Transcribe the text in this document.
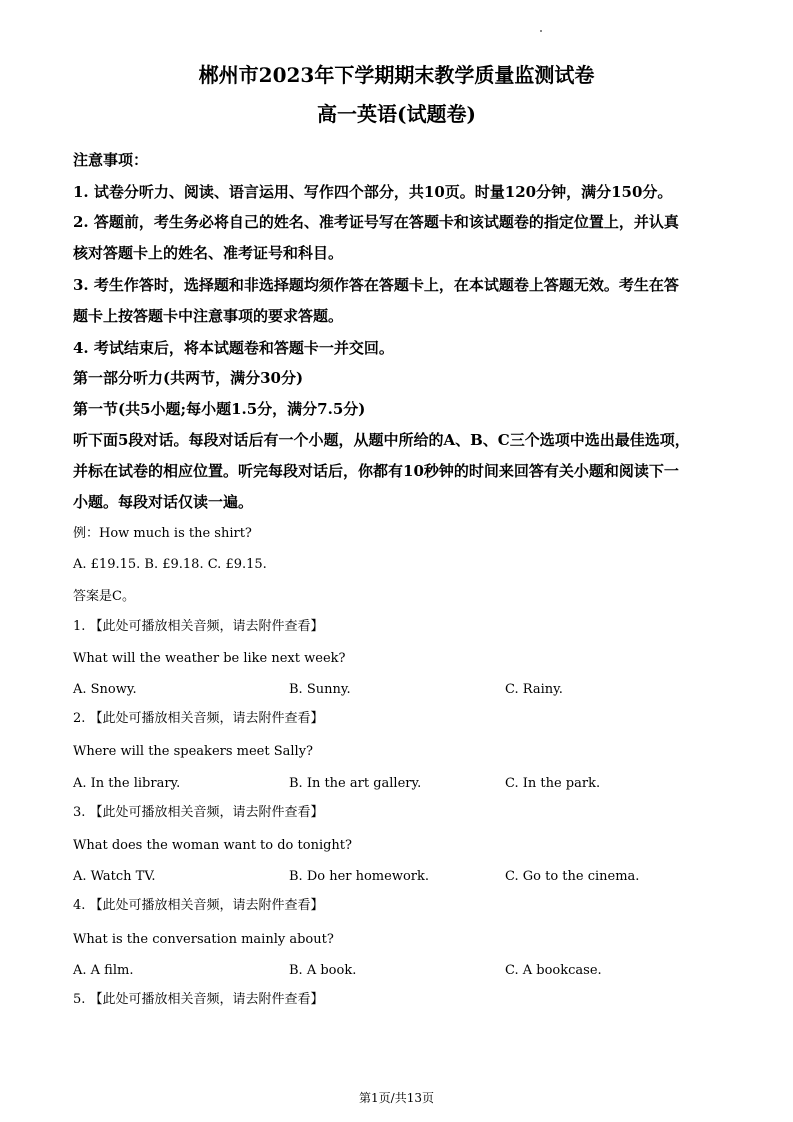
郴州市2023年下学期期末教学质量监测试卷
高一英语(试题卷)
注意事项：
1. 试卷分听力、阅读、语言运用、写作四个部分，共10页。时量120分钟，满分150分。
2. 答题前，考生务必将自己的姓名、准考证号写在答题卡和该试题卷的指定位置上，并认真
核对答题卡上的姓名、准考证号和科目。
3. 考生作答时，选择题和非选择题均须作答在答题卡上，在本试题卷上答题无效。考生在答
题卡上按答题卡中注意事项的要求答题。
4. 考试结束后，将本试题卷和答题卡一并交回。
第一部分听力(共两节，满分30分)
第一节(共5小题;每小题1.5分，满分7.5分)
听下面5段对话。每段对话后有一个小题，从题中所给的A、B、C三个选项中选出最佳选项，
并标在试卷的相应位置。听完每段对话后，你都有10秒钟的时间来回答有关小题和阅读下一
小题。每段对话仅读一遍。
例：How much is the shirt?
A. £19.15. B. £9.18. C. £9.15.
答案是C。
1. 【此处可播放相关音频，请去附件查看】
What will the weather be like next week?
A. Snowy.	B. Sunny.	C. Rainy.
2. 【此处可播放相关音频，请去附件查看】
Where will the speakers meet Sally?
A. In the library.	B. In the art gallery.	C. In the park.
3. 【此处可播放相关音频，请去附件查看】
What does the woman want to do tonight?
A. Watch TV.	B. Do her homework.	C. Go to the cinema.
4. 【此处可播放相关音频，请去附件查看】
What is the conversation mainly about?
A. A film.	B. A book.	C. A bookcase.
5. 【此处可播放相关音频，请去附件查看】
第1页/共13页
